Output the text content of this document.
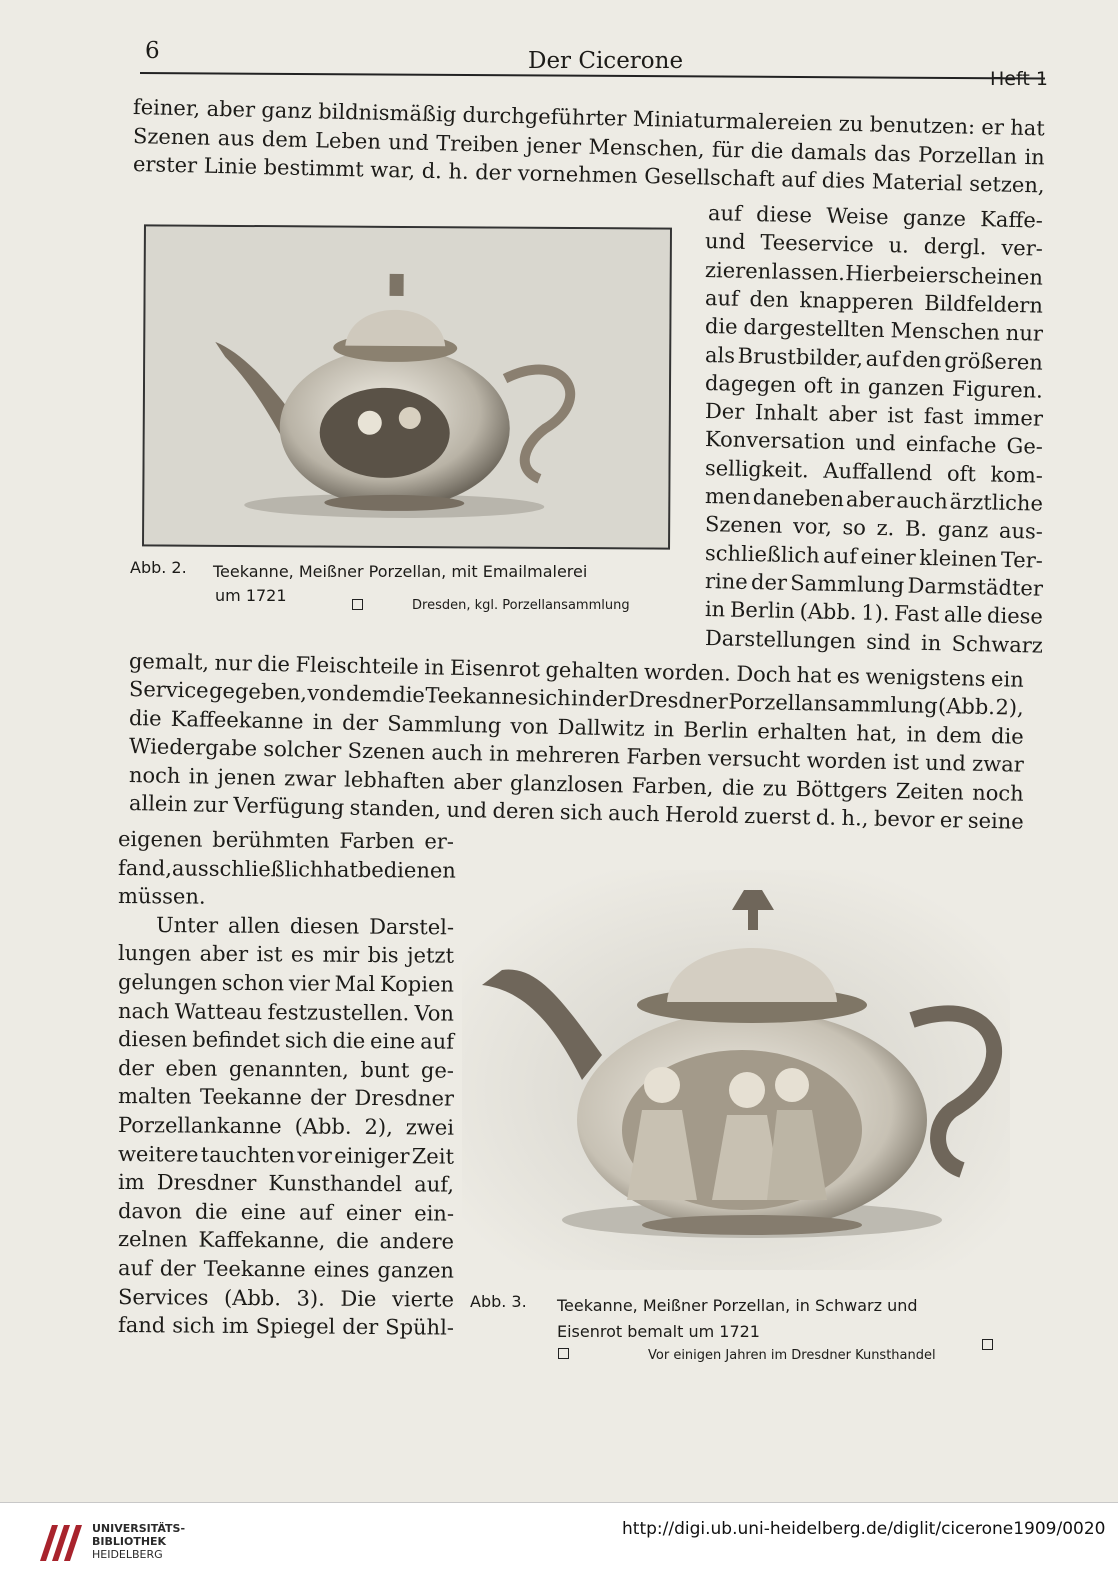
6	Der Cicerone
Heft 1
feiner, aber ganz bildnismäßig durchgeführter Miniaturmalereien zu benutzen: er hat
Szenen aus dem Leben und Treiben jener Menschen, für die damals das Porzellan in
erster Linie bestimmt war, d. h. der vornehmen Gesellschaft auf dies Material setzen,
Abb. 2. Teekanne, Meißner Porzellan, mit Emailmalerei
um 1721
Dresden, kgl. Porzellansammlung
auf diese Weise ganze Kaffe-
und Teeservice u. dergl. ver-
zieren lassen. Hierbei erscheinen
auf den knapperen Bildfeldern
die dargestellten Menschen nur
als Brustbilder, auf den größeren
dagegen oft in ganzen Figuren.
Der Inhalt aber ist fast immer
Konversation und einfache Ge-
selligkeit. Auffallend oft kom-
men daneben aber auch ärztliche
Szenen vor, so z. B. ganz aus-
schließlich auf einer kleinen Ter-
rine der Sammlung Darmstädter
in Berlin (Abb. 1). Fast alle diese
Darstellungen sind in Schwarz
gemalt, nur die Fleischteile in Eisenrot gehalten worden. Doch hat es wenigstens ein
Service gegeben, von dem die Teekanne sich in der Dresdner Porzellansammlung (Abb. 2),
die Kaffeekanne in der Sammlung von Dallwitz in Berlin erhalten hat, in dem die
Wiedergabe solcher Szenen auch in mehreren Farben versucht worden ist und zwar
noch in jenen zwar lebhaften aber glanzlosen Farben, die zu Böttgers Zeiten noch
allein zur Verfügung standen, und deren sich auch Herold zuerst d. h., bevor er seine
eigenen berühmten Farben er-
fand, ausschließlich hat bedienen
müssen.
Unter allen diesen Darstel-
lungen aber ist es mir bis jetzt
gelungen schon vier Mal Kopien
nach Watteau festzustellen. Von
diesen befindet sich die eine auf
der eben genannten, bunt ge-
malten Teekanne der Dresdner
Porzellankanne (Abb. 2), zwei
weitere tauchten vor einiger Zeit
im Dresdner Kunsthandel auf,
davon die eine auf einer ein-
zelnen Kaffekanne, die andere
auf der Teekanne eines ganzen
Services (Abb. 3). Die vierte
fand sich im Spiegel der Spühl-
Abb. 3. Teekanne, Meißner Porzellan, in Schwarz und
Eisenrot bemalt um 1721
Vor einigen Jahren im Dresdner Kunsthandel
UNIVERSITÄTS-
BIBLIOTHEK
HEIDELBERG
http://digi.ub.uni-heidelberg.de/diglit/cicerone1909/0020
